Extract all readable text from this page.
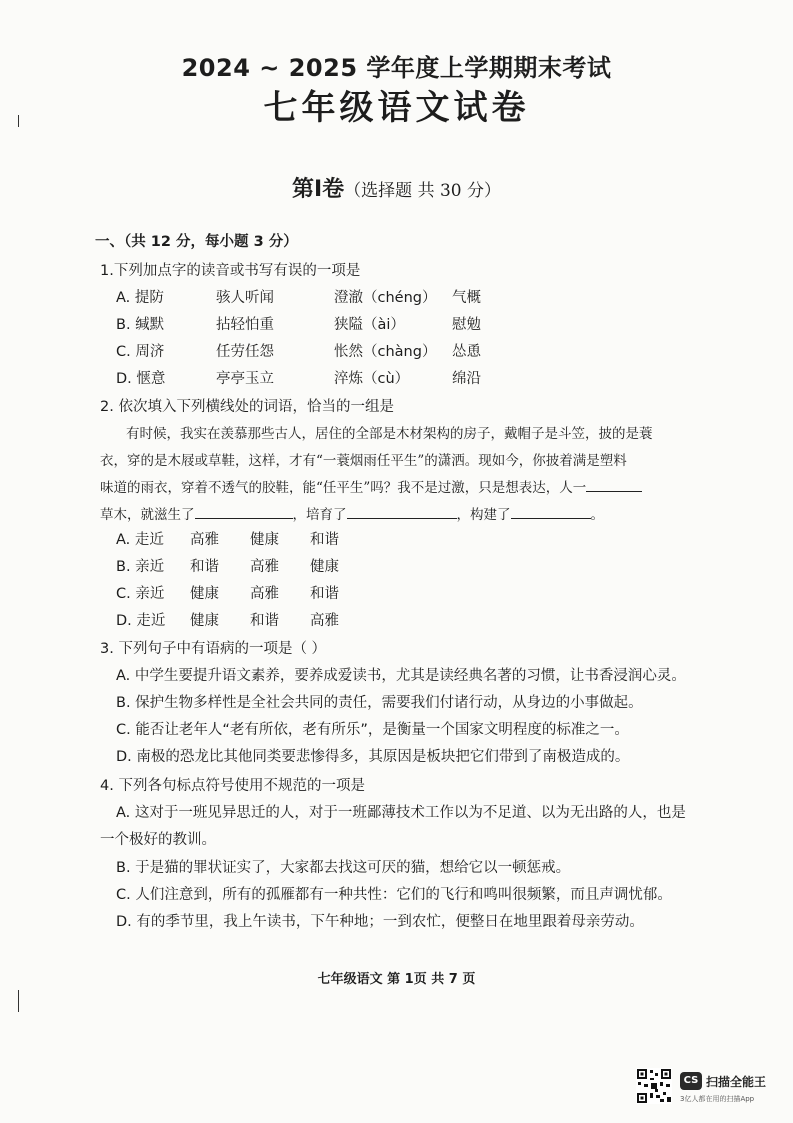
2024 ~ 2025 学年度上学期期末考试
七年级语文试卷
第Ⅰ卷（选择题 共 30 分）
一、（共 12 分，每小题 3 分）
1.下列加点字的读音或书写有误的一项是
A. 提防	骇人听闻	澄澈（chéng） 气概
B. 缄默	拈轻怕重	狭隘（ài）	慰勉
C. 周济	任劳任怨	怅然（chàng） 怂恿
D. 惬意	亭亭玉立	淬炼（cù）	绵沿
2. 依次填入下列横线处的词语，恰当的一组是
有时候，我实在羡慕那些古人，居住的全部是木材架构的房子，戴帽子是斗笠，披的是蓑
衣，穿的是木屐或草鞋，这样，才有“一蓑烟雨任平生”的潇洒。现如今，你披着满是塑料
味道的雨衣，穿着不透气的胶鞋，能“任平生”吗？我不是过激，只是想表达，人一
草木，就滋生了	，培育了	，构建了	。
A. 走近 高雅 健康 和谐
B. 亲近 和谐 高雅 健康
C. 亲近 健康 高雅 和谐
D. 走近 健康 和谐 高雅
3. 下列句子中有语病的一项是（ ）
A. 中学生要提升语文素养，要养成爱读书，尤其是读经典名著的习惯，让书香浸润心灵。
B. 保护生物多样性是全社会共同的责任，需要我们付诸行动，从身边的小事做起。
C. 能否让老年人“老有所依，老有所乐”，是衡量一个国家文明程度的标准之一。
D. 南极的恐龙比其他同类要悲惨得多，其原因是板块把它们带到了南极造成的。
4. 下列各句标点符号使用不规范的一项是
A. 这对于一班见异思迁的人，对于一班鄙薄技术工作以为不足道、以为无出路的人，也是
一个极好的教训。
B. 于是猫的罪状证实了，大家都去找这可厌的猫，想给它以一顿惩戒。
C. 人们注意到，所有的孤雁都有一种共性：它们的飞行和鸣叫很频繁，而且声调忧郁。
D. 有的季节里，我上午读书，下午种地；一到农忙，便整日在地里跟着母亲劳动。
七年级语文 第 1页 共 7 页
CS 扫描全能王
3亿人都在用的扫描App
